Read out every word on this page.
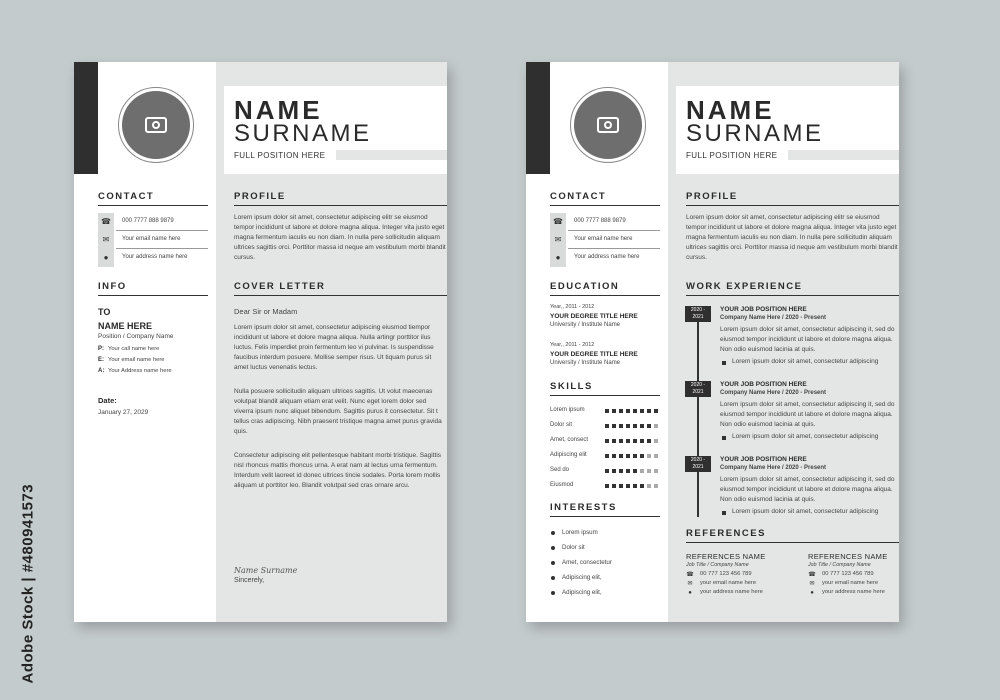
Adobe Stock | #480941573
NAME
SURNAME
FULL POSITION HERE
CONTACT
☎
✉
●
000 7777 888 9879
Your email name here
Your address name here
INFO
TO
NAME HERE
Position / Company Name
P: Your call name here
E: Your email name here
A: Your Address name here
Date:
January 27, 2029
PROFILE
Lorem ipsum dolor sit amet, consectetur adipiscing elitr se eiusmod tempor incididunt ut labore et dolore magna aliqua. Integer vita justo eget magna fermentum iaculis eu non diam. In nulla pere sollicitudin aliquam ultrices sagittis orci. Porttitor massa id neque am vestibulum morbi blandit cursus.
COVER LETTER
Dear Sir or Madam
Lorem ipsum dolor sit amet, consectetur adipiscing eiusmod tiempor incididunt ut labore et dolore magna aliqua. Nulla artingr porttitor ilus luctus. Felis imperdiet proin fermentum leo vi pulvinar. Is suspendisse faucibus interdum posuere. Mollise semper risus. Ut tiquam purus sit amet luctus venenatis lectus.
Nulla posuere sollicitudin aliquam ultrices sagittis. Ut volut maecenas volutpat blandit aliquam etiam erat velit. Nunc eget lorem dolor sed viverra ipsum nunc aliquet bibendum. Sagittis purus it consectetur. Sit t tellus cras adipiscing. Nibh praesent tristique magna amet purus gravida quis.
Consectetur adipiscing elit pellentesque habitant morbi tristique. Sagittis nisl rhoncus mattis rhoncus urna. A erat nam at lectus urna fermentum. Interdum velit laoreet id donec ultrices tincie sodales. Porta lorem mollis aliquam ut porttitor leo. Blandit volutpat sed cras ornare arcu.
Name Surname
Sincerely,
NAME
SURNAME
FULL POSITION HERE
CONTACT
☎
✉
●
000 7777 888 9879
Your email name here
Your address name here
EDUCATION
Year,, 2011 - 2012
YOUR DEGREE TITLE HERE
University / Institute Name
Year,, 2011 - 2012
YOUR DEGREE TITLE HERE
University / Institute Name
SKILLS
INTERESTS
PROFILE
Lorem ipsum dolor sit amet, consectetur adipiscing elitr se eiusmod tempor incididunt ut labore et dolore magna aliqua. Integer vita justo eget magna fermentum iaculis eu non diam. In nulla pere sollicitudin aliquam ultrices sagittis orci. Porttitor massa id neque am vestibulum morbi blandit cursus.
WORK EXPERIENCE
REFERENCES
Lorem ipsum
Dolor sit
Amet, consect
Adipiscing elit
Sed do
Eiusmod
Lorem ipsum
Dolor sit
Amet, consectetur
Adipiscing elit,
Adipiscing elit,
2020 - 2021
YOUR JOB POSITION HERE
Company Name Here / 2020 - Present
Lorem ipsum dolor sit amet, consectetur adipiscing it, sed do eiusmod tempor incididunt ut labore et dolore magna aliqua. Non odio euismod lacinia at quis.
Lorem ipsum dolor sit amet, consectetur adipiscing
2020 - 2021
YOUR JOB POSITION HERE
Company Name Here / 2020 - Present
Lorem ipsum dolor sit amet, consectetur adipiscing it, sed do eiusmod tempor incididunt ut labore et dolore magna aliqua. Non odio euismod lacinia at quis.
Lorem ipsum dolor sit amet, consectetur adipiscing
2020 - 2021
YOUR JOB POSITION HERE
Company Name Here / 2020 - Present
Lorem ipsum dolor sit amet, consectetur adipiscing it, sed do eiusmod tempor incididunt ut labore et dolore magna aliqua. Non odio euismod lacinia at quis.
Lorem ipsum dolor sit amet, consectetur adipiscing
REFERENCES NAME
Job Title / Company Name
☎ 00 777 123 456 789
✉ your email name here
●	your address name here
REFERENCES NAME
Job Title / Company Name
☎ 00 777 123 456 789
✉ your email name here
●	your address name here
